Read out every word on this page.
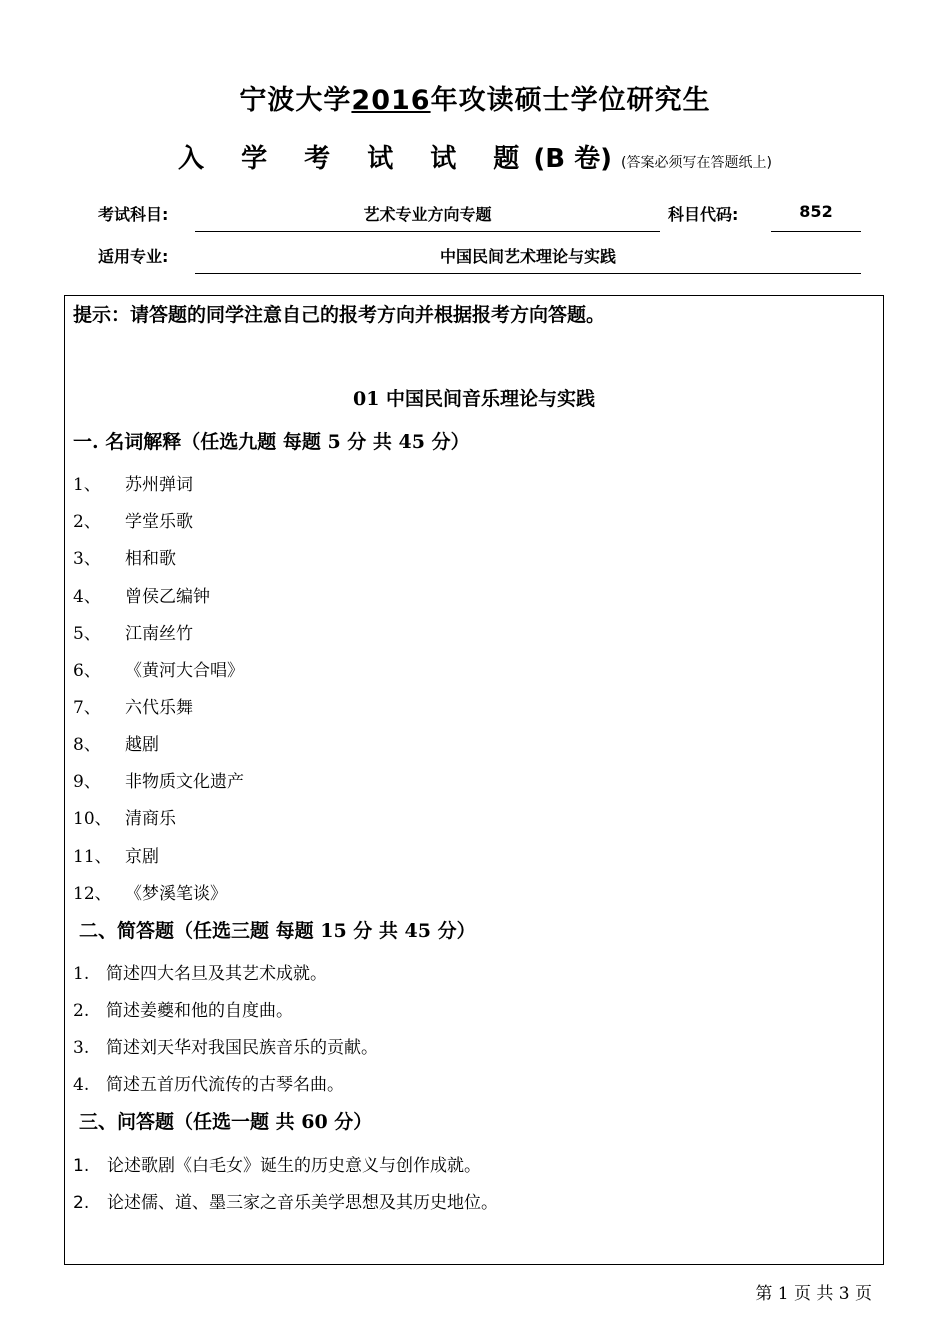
宁波大学2016年攻读硕士学位研究生
入 学 考 试 试 题(B 卷) (答案必须写在答题纸上)
考试科目:	艺术专业方向专题	科目代码:	852
适用专业:	中国民间艺术理论与实践
提示：请答题的同学注意自己的报考方向并根据报考方向答题。
01 中国民间音乐理论与实践
一. 名词解释（任选九题 每题 5 分 共 45 分）
1、 苏州弹词
2、 学堂乐歌
3、 相和歌
4、 曾侯乙编钟
5、 江南丝竹
6、 《黄河大合唱》
7、 六代乐舞
8、 越剧
9、 非物质文化遗产
10、 清商乐
11、 京剧
12、 《梦溪笔谈》
二、简答题（任选三题 每题 15 分 共 45 分）
1. 简述四大名旦及其艺术成就。
2. 简述姜夔和他的自度曲。
3. 简述刘天华对我国民族音乐的贡献。
4. 简述五首历代流传的古琴名曲。
三、问答题（任选一题 共 60 分）
1. 论述歌剧《白毛女》诞生的历史意义与创作成就。
2. 论述儒、道、墨三家之音乐美学思想及其历史地位。
第 1 页 共 3 页
